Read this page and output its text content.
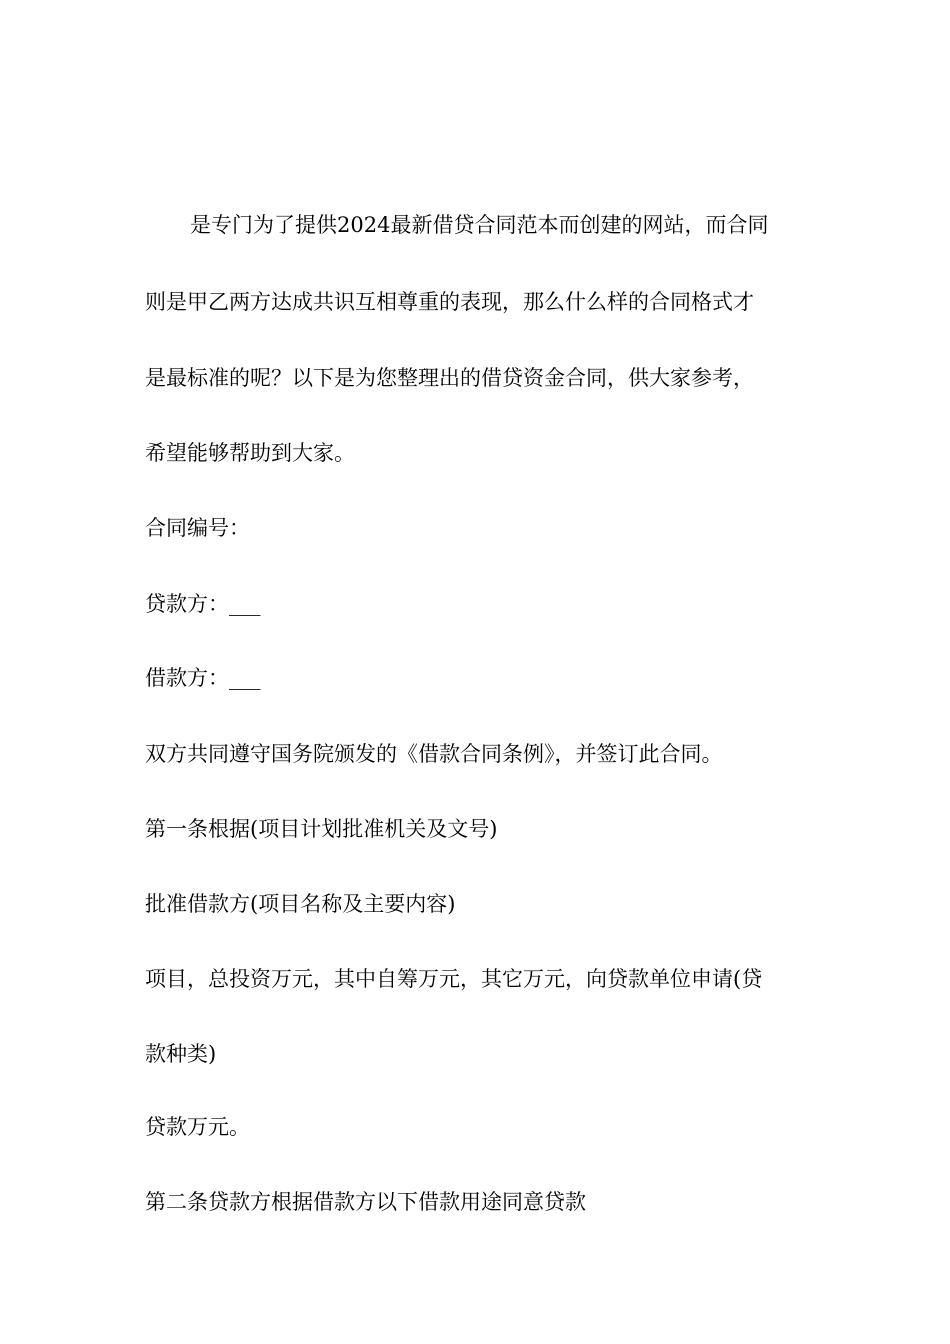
是专门为了提供2024最新借贷合同范本而创建的网站，而合同

则是甲乙两方达成共识互相尊重的表现，那么什么样的合同格式才

是最标准的呢？以下是为您整理出的借贷资金合同，供大家参考，

希望能够帮助到大家。

合同编号：

贷款方：___

借款方：___

双方共同遵守国务院颁发的《借款合同条例》，并签订此合同。

第一条根据(项目计划批准机关及文号)

批准借款方(项目名称及主要内容)

项目，总投资万元，其中自筹万元，其它万元，向贷款单位申请(贷

款种类)

贷款万元。

第二条贷款方根据借款方以下借款用途同意贷款
